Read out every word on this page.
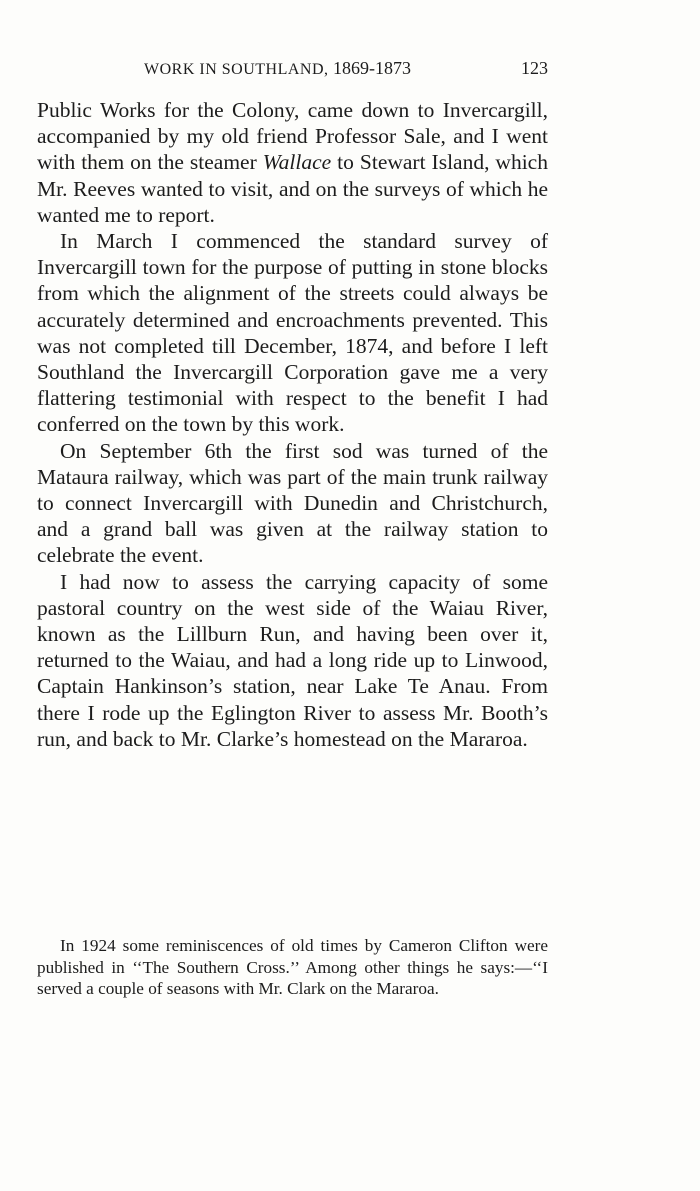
WORK IN SOUTHLAND, 1869-1873	123

Public Works for the Colony, came down to Invercargill, accompanied by my old friend Professor Sale, and I went with them on the steamer Wallace to Stewart Island, which Mr. Reeves wanted to visit, and on the surveys of which he wanted me to report.

In March I commenced the standard survey of Invercargill town for the purpose of putting in stone blocks from which the alignment of the streets could always be accurately determined and encroachments prevented. This was not completed till December, 1874, and before I left Southland the Invercargill Corporation gave me a very flattering testimonial with respect to the benefit I had conferred on the town by this work.

On September 6th the first sod was turned of the Mataura railway, which was part of the main trunk railway to connect Invercargill with Dunedin and Christchurch, and a grand ball was given at the railway station to celebrate the event.

I had now to assess the carrying capacity of some pastoral country on the west side of the Waiau River, known as the Lillburn Run, and having been over it, returned to the Waiau, and had a long ride up to Linwood, Captain Hankinson’s station, near Lake Te Anau. From there I rode up the Eglington River to assess Mr. Booth’s run, and back to Mr. Clarke’s homestead on the Mararoa.

In 1924 some reminiscences of old times by Cameron Clifton were published in ‘‘The Southern Cross.’’ Among other things he says:—‘‘I served a couple of seasons with Mr. Clark on the Mararoa.
